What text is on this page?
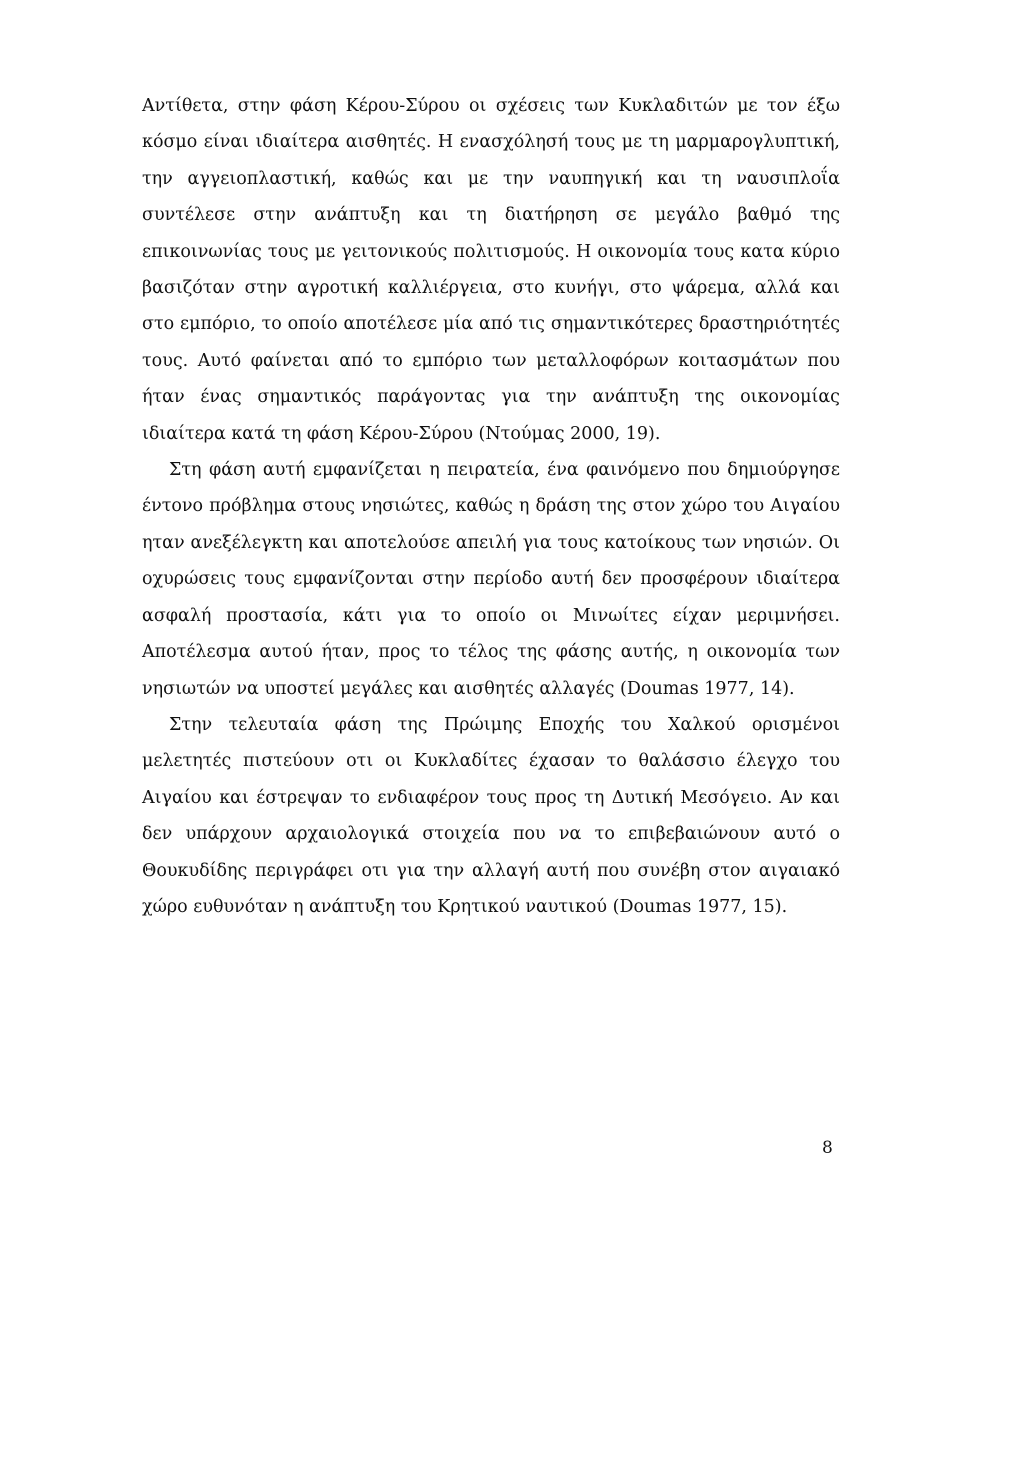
Αντίθετα, στην φάση Κέρου-Σύρου οι σχέσεις των Κυκλαδιτών με τον έξω κόσμο είναι ιδιαίτερα αισθητές. Η ενασχόλησή τους με τη μαρμαρογλυπτική, την αγγειοπλαστική, καθώς και με την ναυπηγική και τη ναυσιπλοΐα συντέλεσε στην ανάπτυξη και τη διατήρηση σε μεγάλο βαθμό της επικοινωνίας τους με γειτονικούς πολιτισμούς. Η οικονομία τους κατα κύριο βασιζόταν στην αγροτική καλλιέργεια, στο κυνήγι, στο ψάρεμα, αλλά και στο εμπόριο, το οποίο αποτέλεσε μία από τις σημαντικότερες δραστηριότητές τους. Αυτό φαίνεται από το εμπόριο των μεταλλοφόρων κοιτασμάτων που ήταν ένας σημαντικός παράγοντας για την ανάπτυξη της οικονομίας ιδιαίτερα κατά τη φάση Κέρου-Σύρου (Ντούμας 2000, 19).

Στη φάση αυτή εμφανίζεται η πειρατεία, ένα φαινόμενο που δημιούργησε έντονο πρόβλημα στους νησιώτες, καθώς η δράση της στον χώρο του Αιγαίου ηταν ανεξέλεγκτη και αποτελούσε απειλή για τους κατοίκους των νησιών. Οι οχυρώσεις τους εμφανίζονται στην περίοδο αυτή δεν προσφέρουν ιδιαίτερα ασφαλή προστασία, κάτι για το οποίο οι Μινωίτες είχαν μεριμνήσει. Αποτέλεσμα αυτού ήταν, προς το τέλος της φάσης αυτής, η οικονομία των νησιωτών να υποστεί μεγάλες και αισθητές αλλαγές (Doumas 1977, 14).

Στην τελευταία φάση της Πρώιμης Εποχής του Χαλκού ορισμένοι μελετητές πιστεύουν οτι οι Κυκλαδίτες έχασαν το θαλάσσιο έλεγχο του Αιγαίου και έστρεψαν το ενδιαφέρον τους προς τη Δυτική Μεσόγειο. Αν και δεν υπάρχουν αρχαιολογικά στοιχεία που να το επιβεβαιώνουν αυτό ο Θουκυδίδης περιγράφει οτι για την αλλαγή αυτή που συνέβη στον αιγαιακό χώρο ευθυνόταν η ανάπτυξη του Κρητικού ναυτικού (Doumas 1977, 15).

8
